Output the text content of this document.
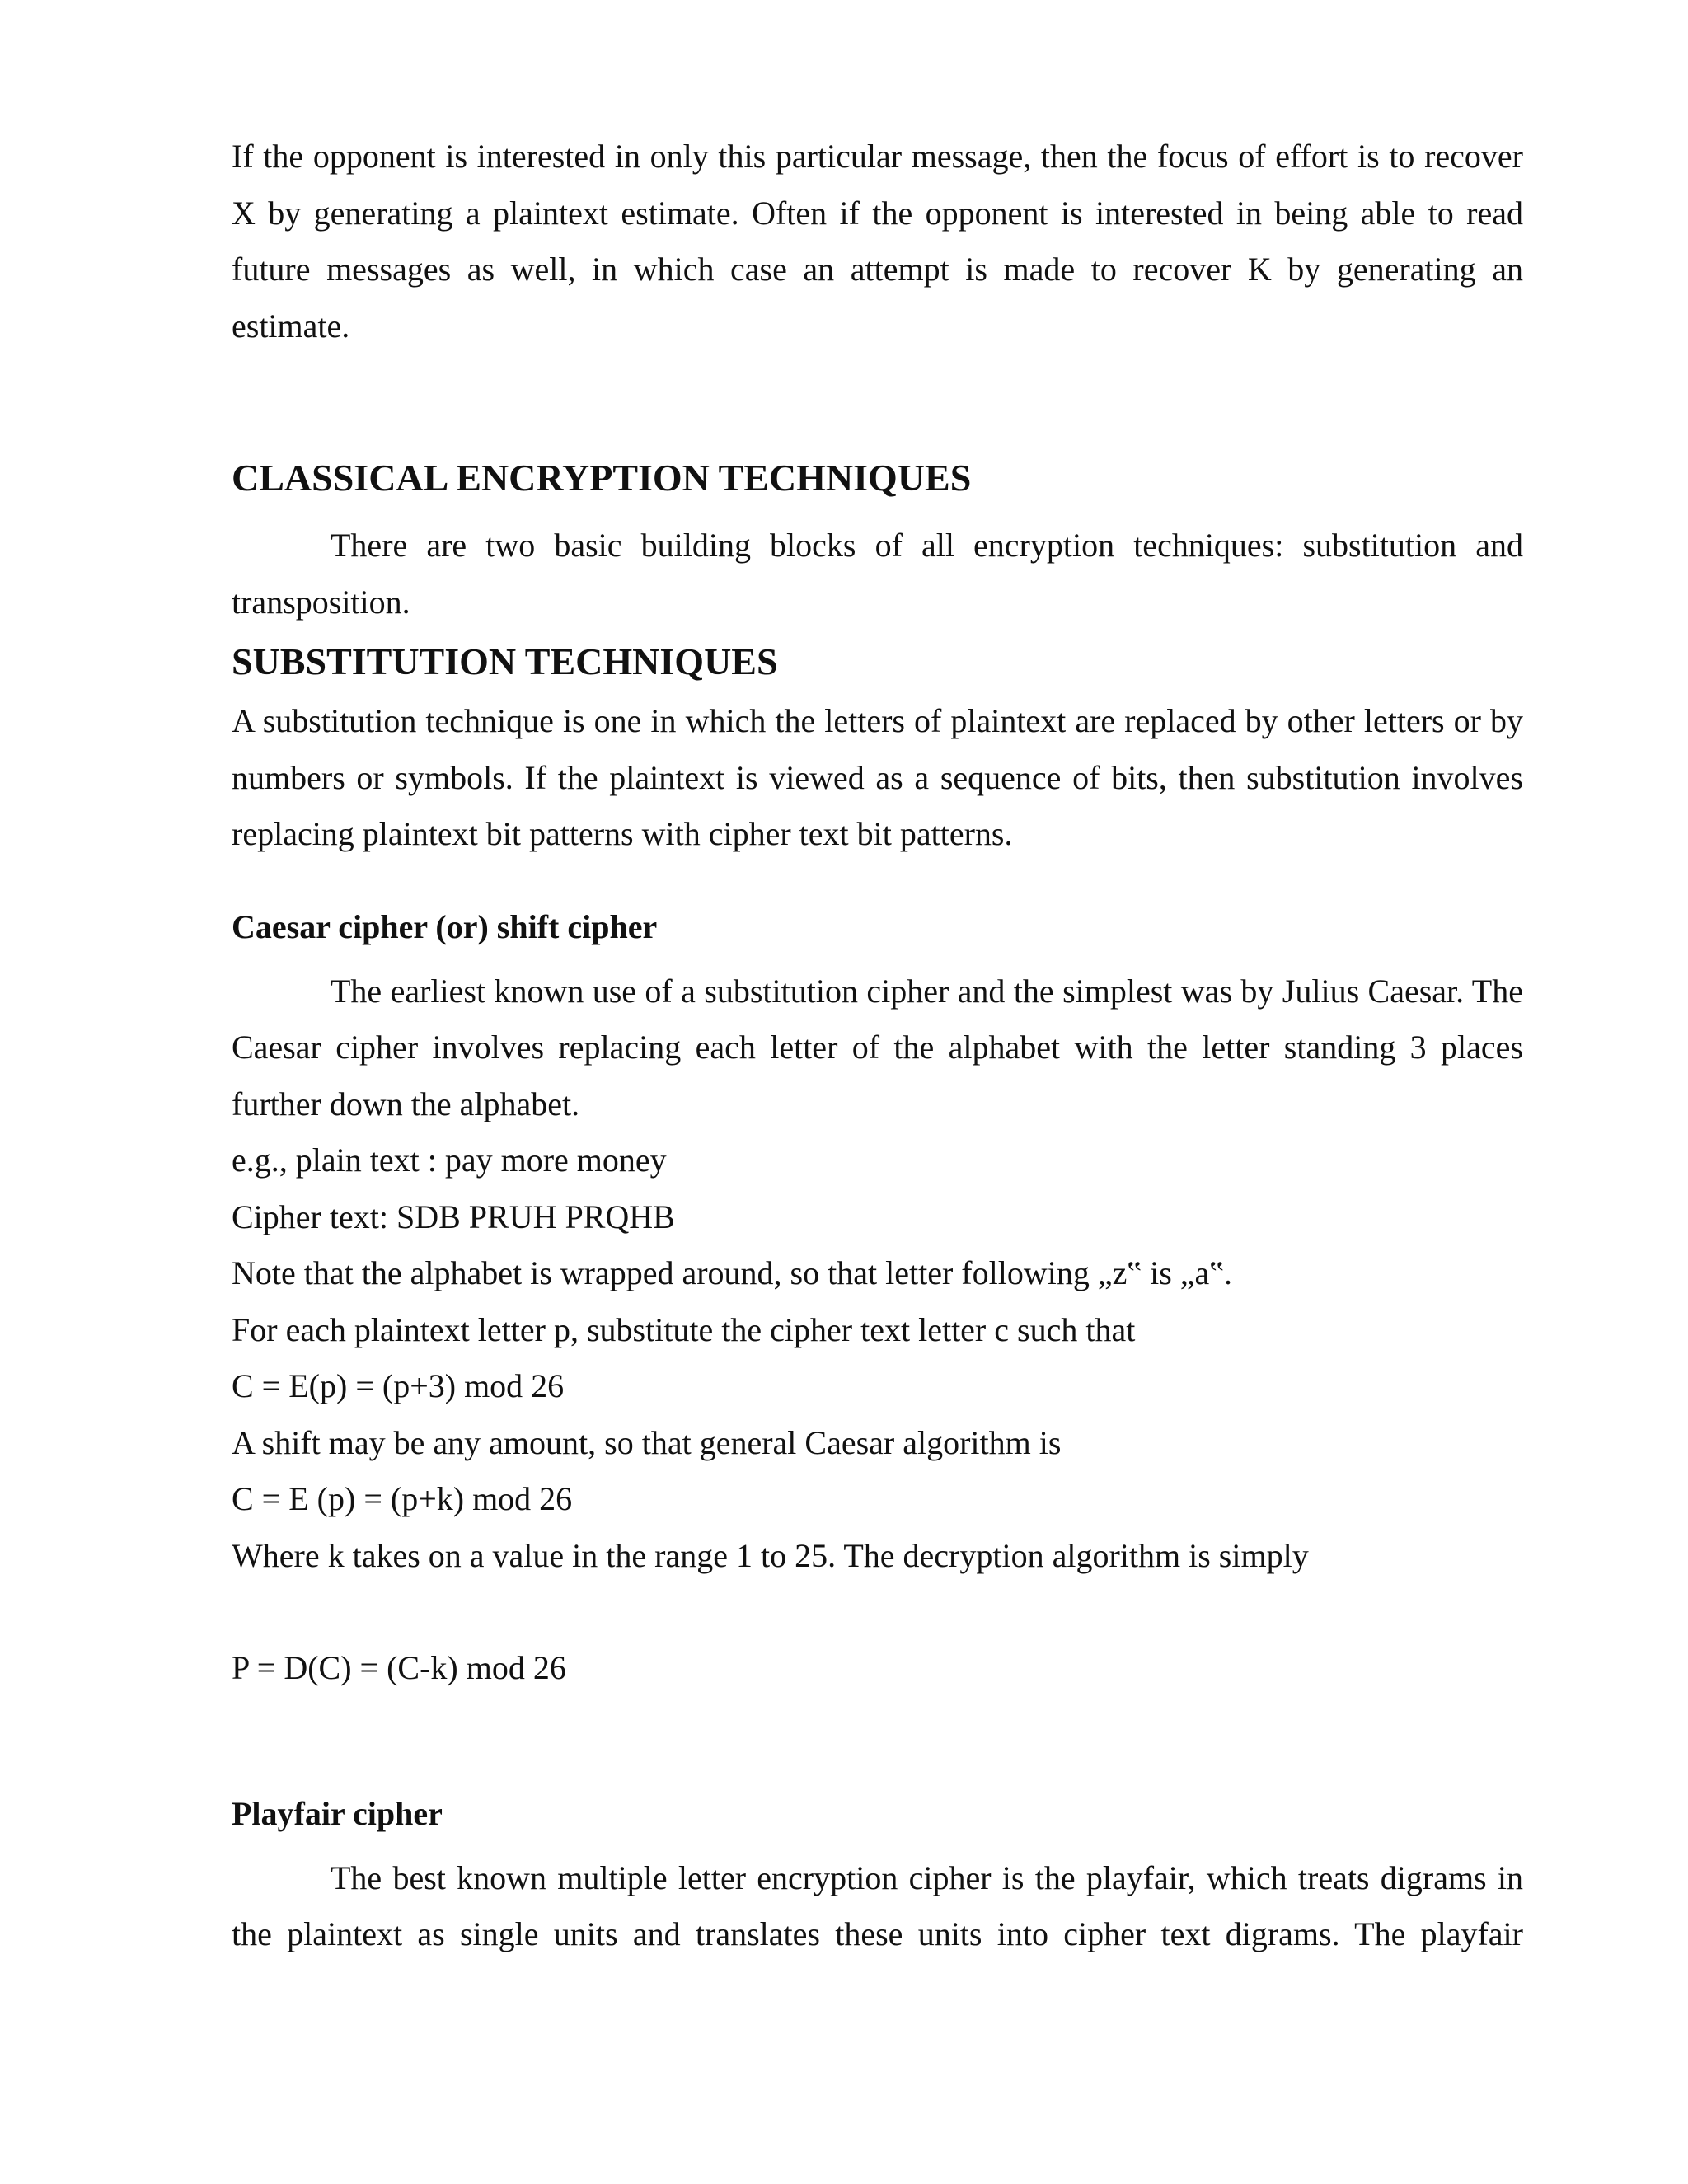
If the opponent is interested in only this particular message, then the focus of effort is to recover X by generating a plaintext estimate. Often if the opponent is interested in being able to read future messages as well, in which case an attempt is made to recover K by generating an estimate.

CLASSICAL ENCRYPTION TECHNIQUES

There are two basic building blocks of all encryption techniques: substitution and transposition.

SUBSTITUTION TECHNIQUES

A substitution technique is one in which the letters of plaintext are replaced by other letters or by numbers or symbols. If the plaintext is viewed as a sequence of bits, then substitution involves replacing plaintext bit patterns with cipher text bit patterns.

Caesar cipher (or) shift cipher

The earliest known use of a substitution cipher and the simplest was by Julius Caesar. The Caesar cipher involves replacing each letter of the alphabet with the letter standing 3 places further down the alphabet.

e.g., plain text : pay more money
Cipher text: SDB PRUH PRQHB
Note that the alphabet is wrapped around, so that letter following „z‟ is „a‟.
For each plaintext letter p, substitute the cipher text letter c such that
C = E(p) = (p+3) mod 26
A shift may be any amount, so that general Caesar algorithm is
C = E (p) = (p+k) mod 26
Where k takes on a value in the range 1 to 25. The decryption algorithm is simply
P = D(C) = (C-k) mod 26
Playfair cipher

The best known multiple letter encryption cipher is the playfair, which treats digrams in the plaintext as single units and translates these units into cipher text digrams. The playfair
